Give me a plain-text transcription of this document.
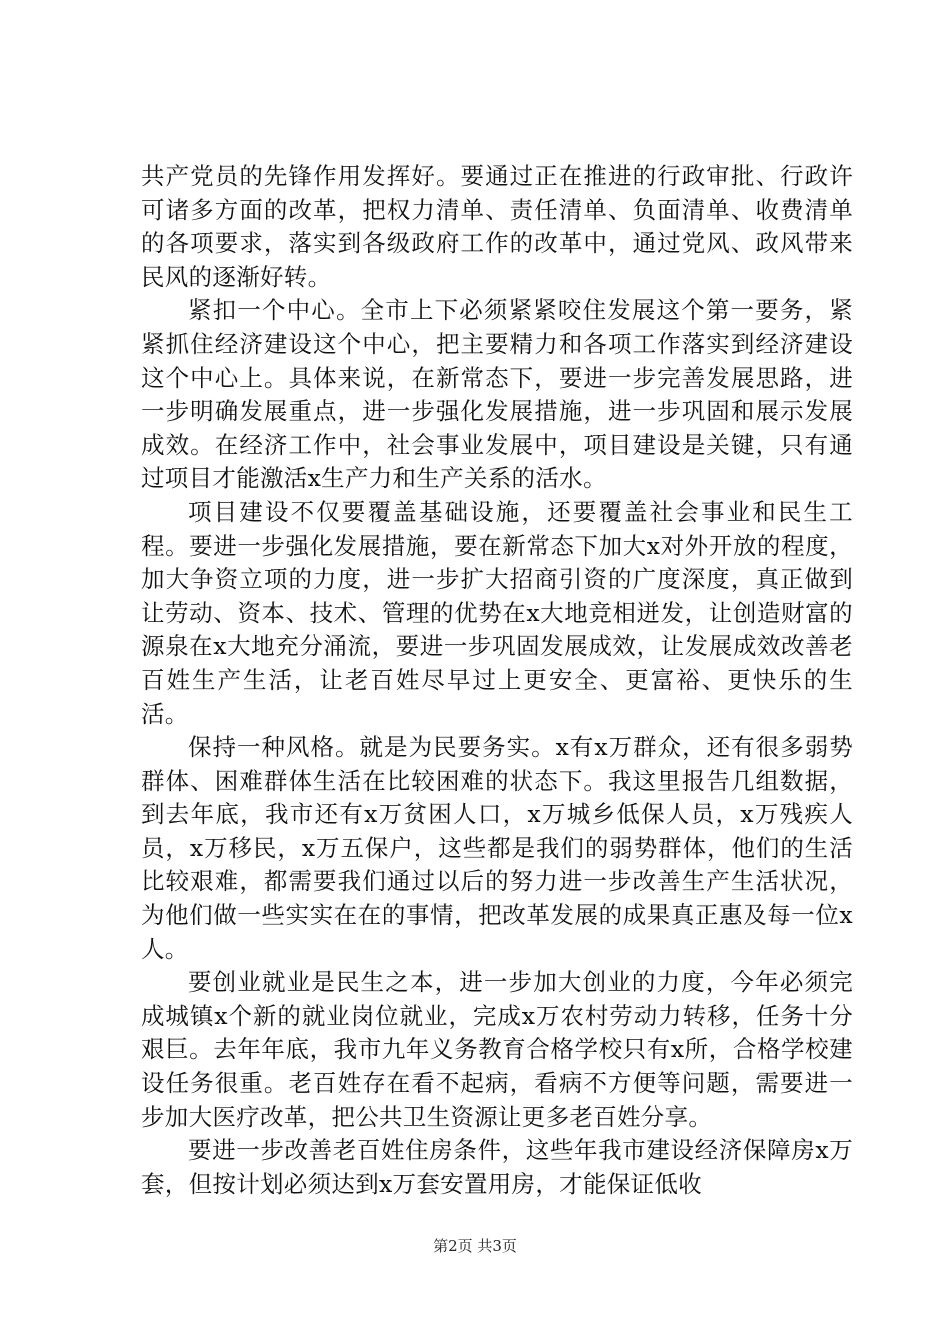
共产党员的先锋作用发挥好。要通过正在推进的行政审批、行政许可诸多方面的改革，把权力清单、责任清单、负面清单、收费清单的各项要求，落实到各级政府工作的改革中，通过党风、政风带来民风的逐渐好转。

紧扣一个中心。全市上下必须紧紧咬住发展这个第一要务，紧紧抓住经济建设这个中心，把主要精力和各项工作落实到经济建设这个中心上。具体来说，在新常态下，要进一步完善发展思路，进一步明确发展重点，进一步强化发展措施，进一步巩固和展示发展成效。在经济工作中，社会事业发展中，项目建设是关键，只有通过项目才能激活x生产力和生产关系的活水。

项目建设不仅要覆盖基础设施，还要覆盖社会事业和民生工程。要进一步强化发展措施，要在新常态下加大x对外开放的程度，加大争资立项的力度，进一步扩大招商引资的广度深度，真正做到让劳动、资本、技术、管理的优势在x大地竞相迸发，让创造财富的源泉在x大地充分涌流，要进一步巩固发展成效，让发展成效改善老百姓生产生活，让老百姓尽早过上更安全、更富裕、更快乐的生活。

保持一种风格。就是为民要务实。x有x万群众，还有很多弱势群体、困难群体生活在比较困难的状态下。我这里报告几组数据，到去年底，我市还有x万贫困人口，x万城乡低保人员，x万残疾人员，x万移民，x万五保户，这些都是我们的弱势群体，他们的生活比较艰难，都需要我们通过以后的努力进一步改善生产生活状况，为他们做一些实实在在的事情，把改革发展的成果真正惠及每一位x人。

要创业就业是民生之本，进一步加大创业的力度，今年必须完成城镇x个新的就业岗位就业，完成x万农村劳动力转移，任务十分艰巨。去年年底，我市九年义务教育合格学校只有x所，合格学校建设任务很重。老百姓存在看不起病，看病不方便等问题，需要进一步加大医疗改革，把公共卫生资源让更多老百姓分享。

要进一步改善老百姓住房条件，这些年我市建设经济保障房x万套，但按计划必须达到x万套安置用房，才能保证低收

第2页 共3页
